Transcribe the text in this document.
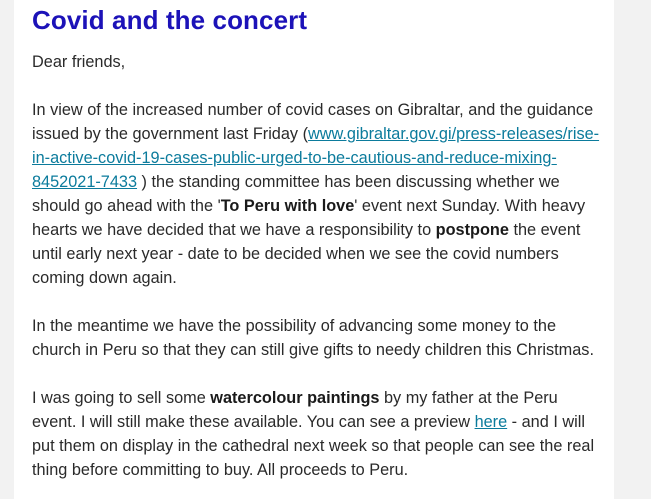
Covid and the concert

Dear friends,

In view of the increased number of covid cases on Gibraltar, and the guidance issued by the government last Friday (www.gibraltar.gov.gi/press-releases/rise-in-active-covid-19-cases-public-urged-to-be-cautious-and-reduce-mixing-8452021-7433 ) the standing committee has been discussing whether we should go ahead with the 'To Peru with love' event next Sunday. With heavy hearts we have decided that we have a responsibility to postpone the event until early next year - date to be decided when we see the covid numbers coming down again.

In the meantime we have the possibility of advancing some money to the church in Peru so that they can still give gifts to needy children this Christmas.

I was going to sell some watercolour paintings by my father at the Peru event. I will still make these available. You can see a preview here - and I will put them on display in the cathedral next week so that people can see the real thing before committing to buy. All proceeds to Peru.
